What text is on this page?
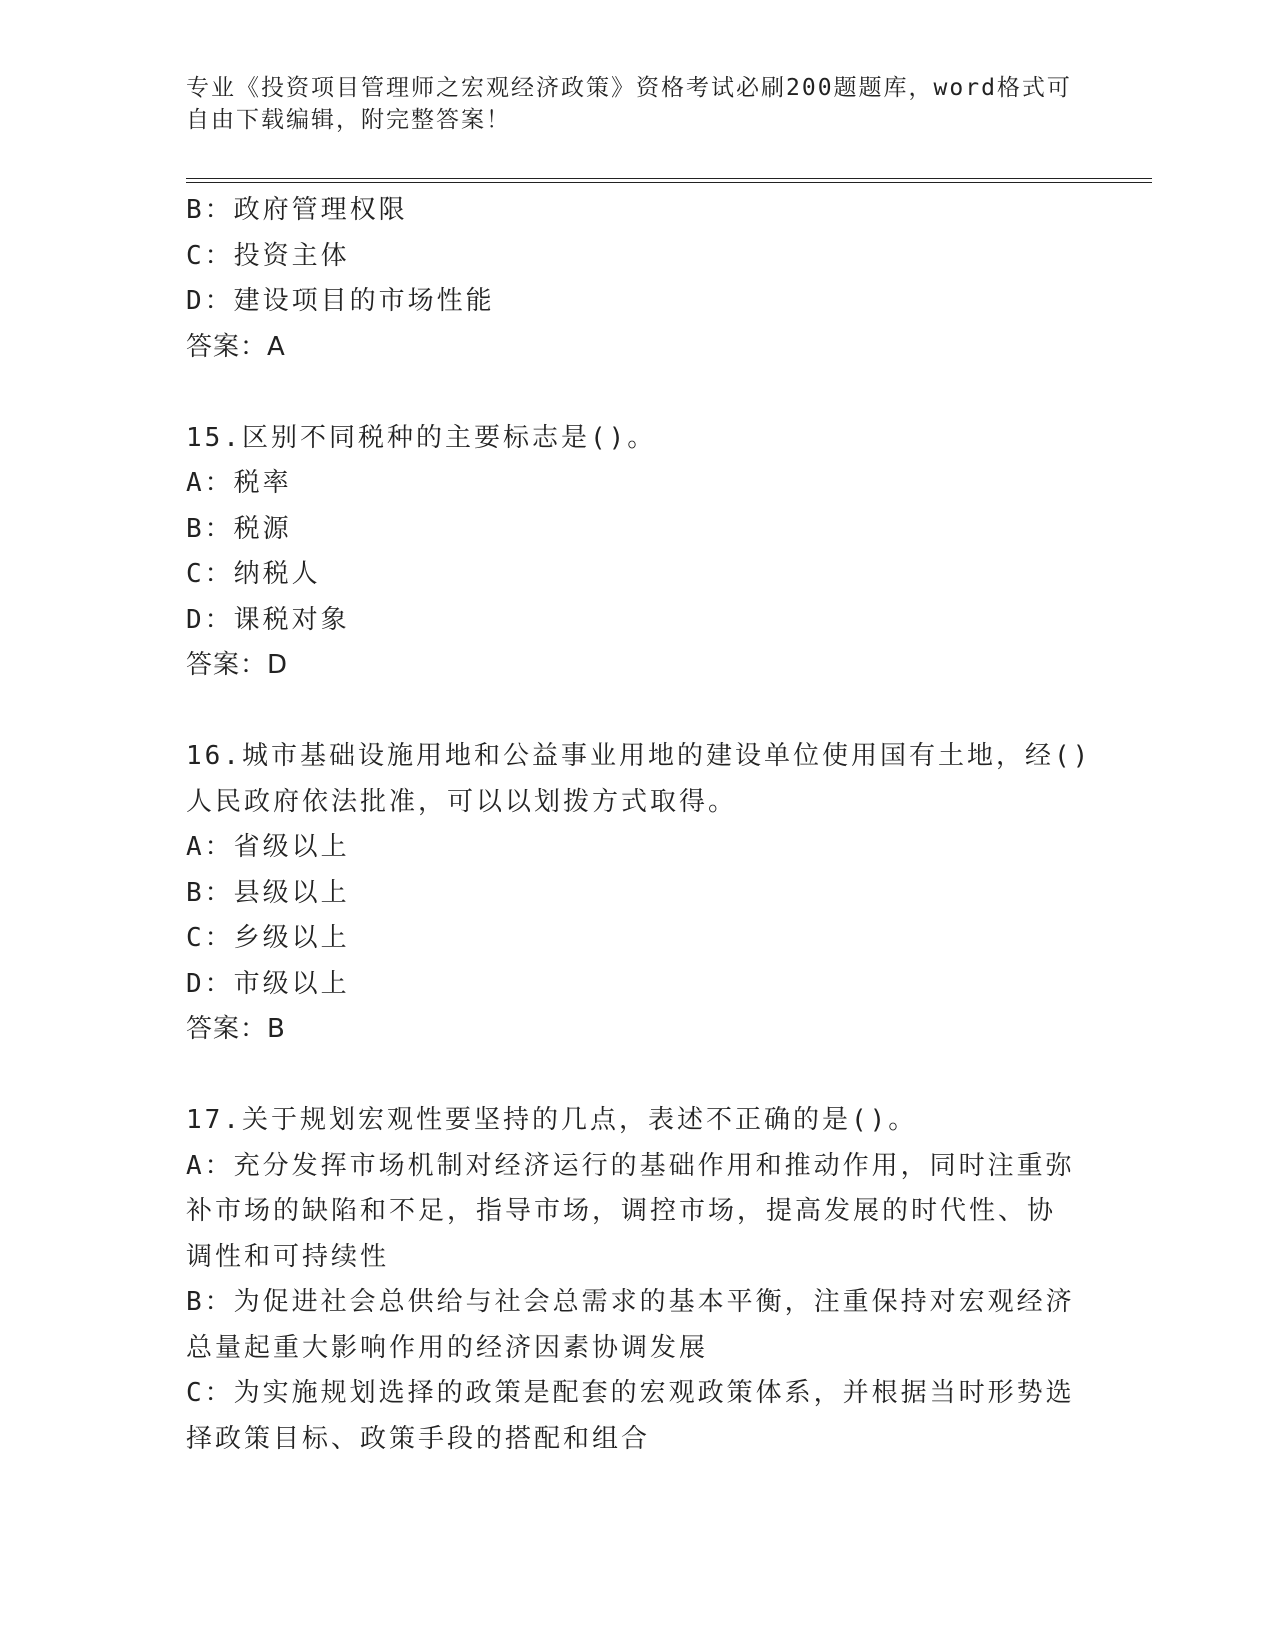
专业《投资项目管理师之宏观经济政策》资格考试必刷200题题库，word格式可
自由下载编辑，附完整答案！
B：政府管理权限
C：投资主体
D：建设项目的市场性能
答案：A
15.区别不同税种的主要标志是()。
A：税率
B：税源
C：纳税人
D：课税对象
答案：D
16.城市基础设施用地和公益事业用地的建设单位使用国有土地，经()
人民政府依法批准，可以以划拨方式取得。
A：省级以上
B：县级以上
C：乡级以上
D：市级以上
答案：B
17.关于规划宏观性要坚持的几点，表述不正确的是()。
A：充分发挥市场机制对经济运行的基础作用和推动作用，同时注重弥
补市场的缺陷和不足，指导市场，调控市场，提高发展的时代性、协
调性和可持续性
B：为促进社会总供给与社会总需求的基本平衡，注重保持对宏观经济
总量起重大影响作用的经济因素协调发展
C：为实施规划选择的政策是配套的宏观政策体系，并根据当时形势选
择政策目标、政策手段的搭配和组合
